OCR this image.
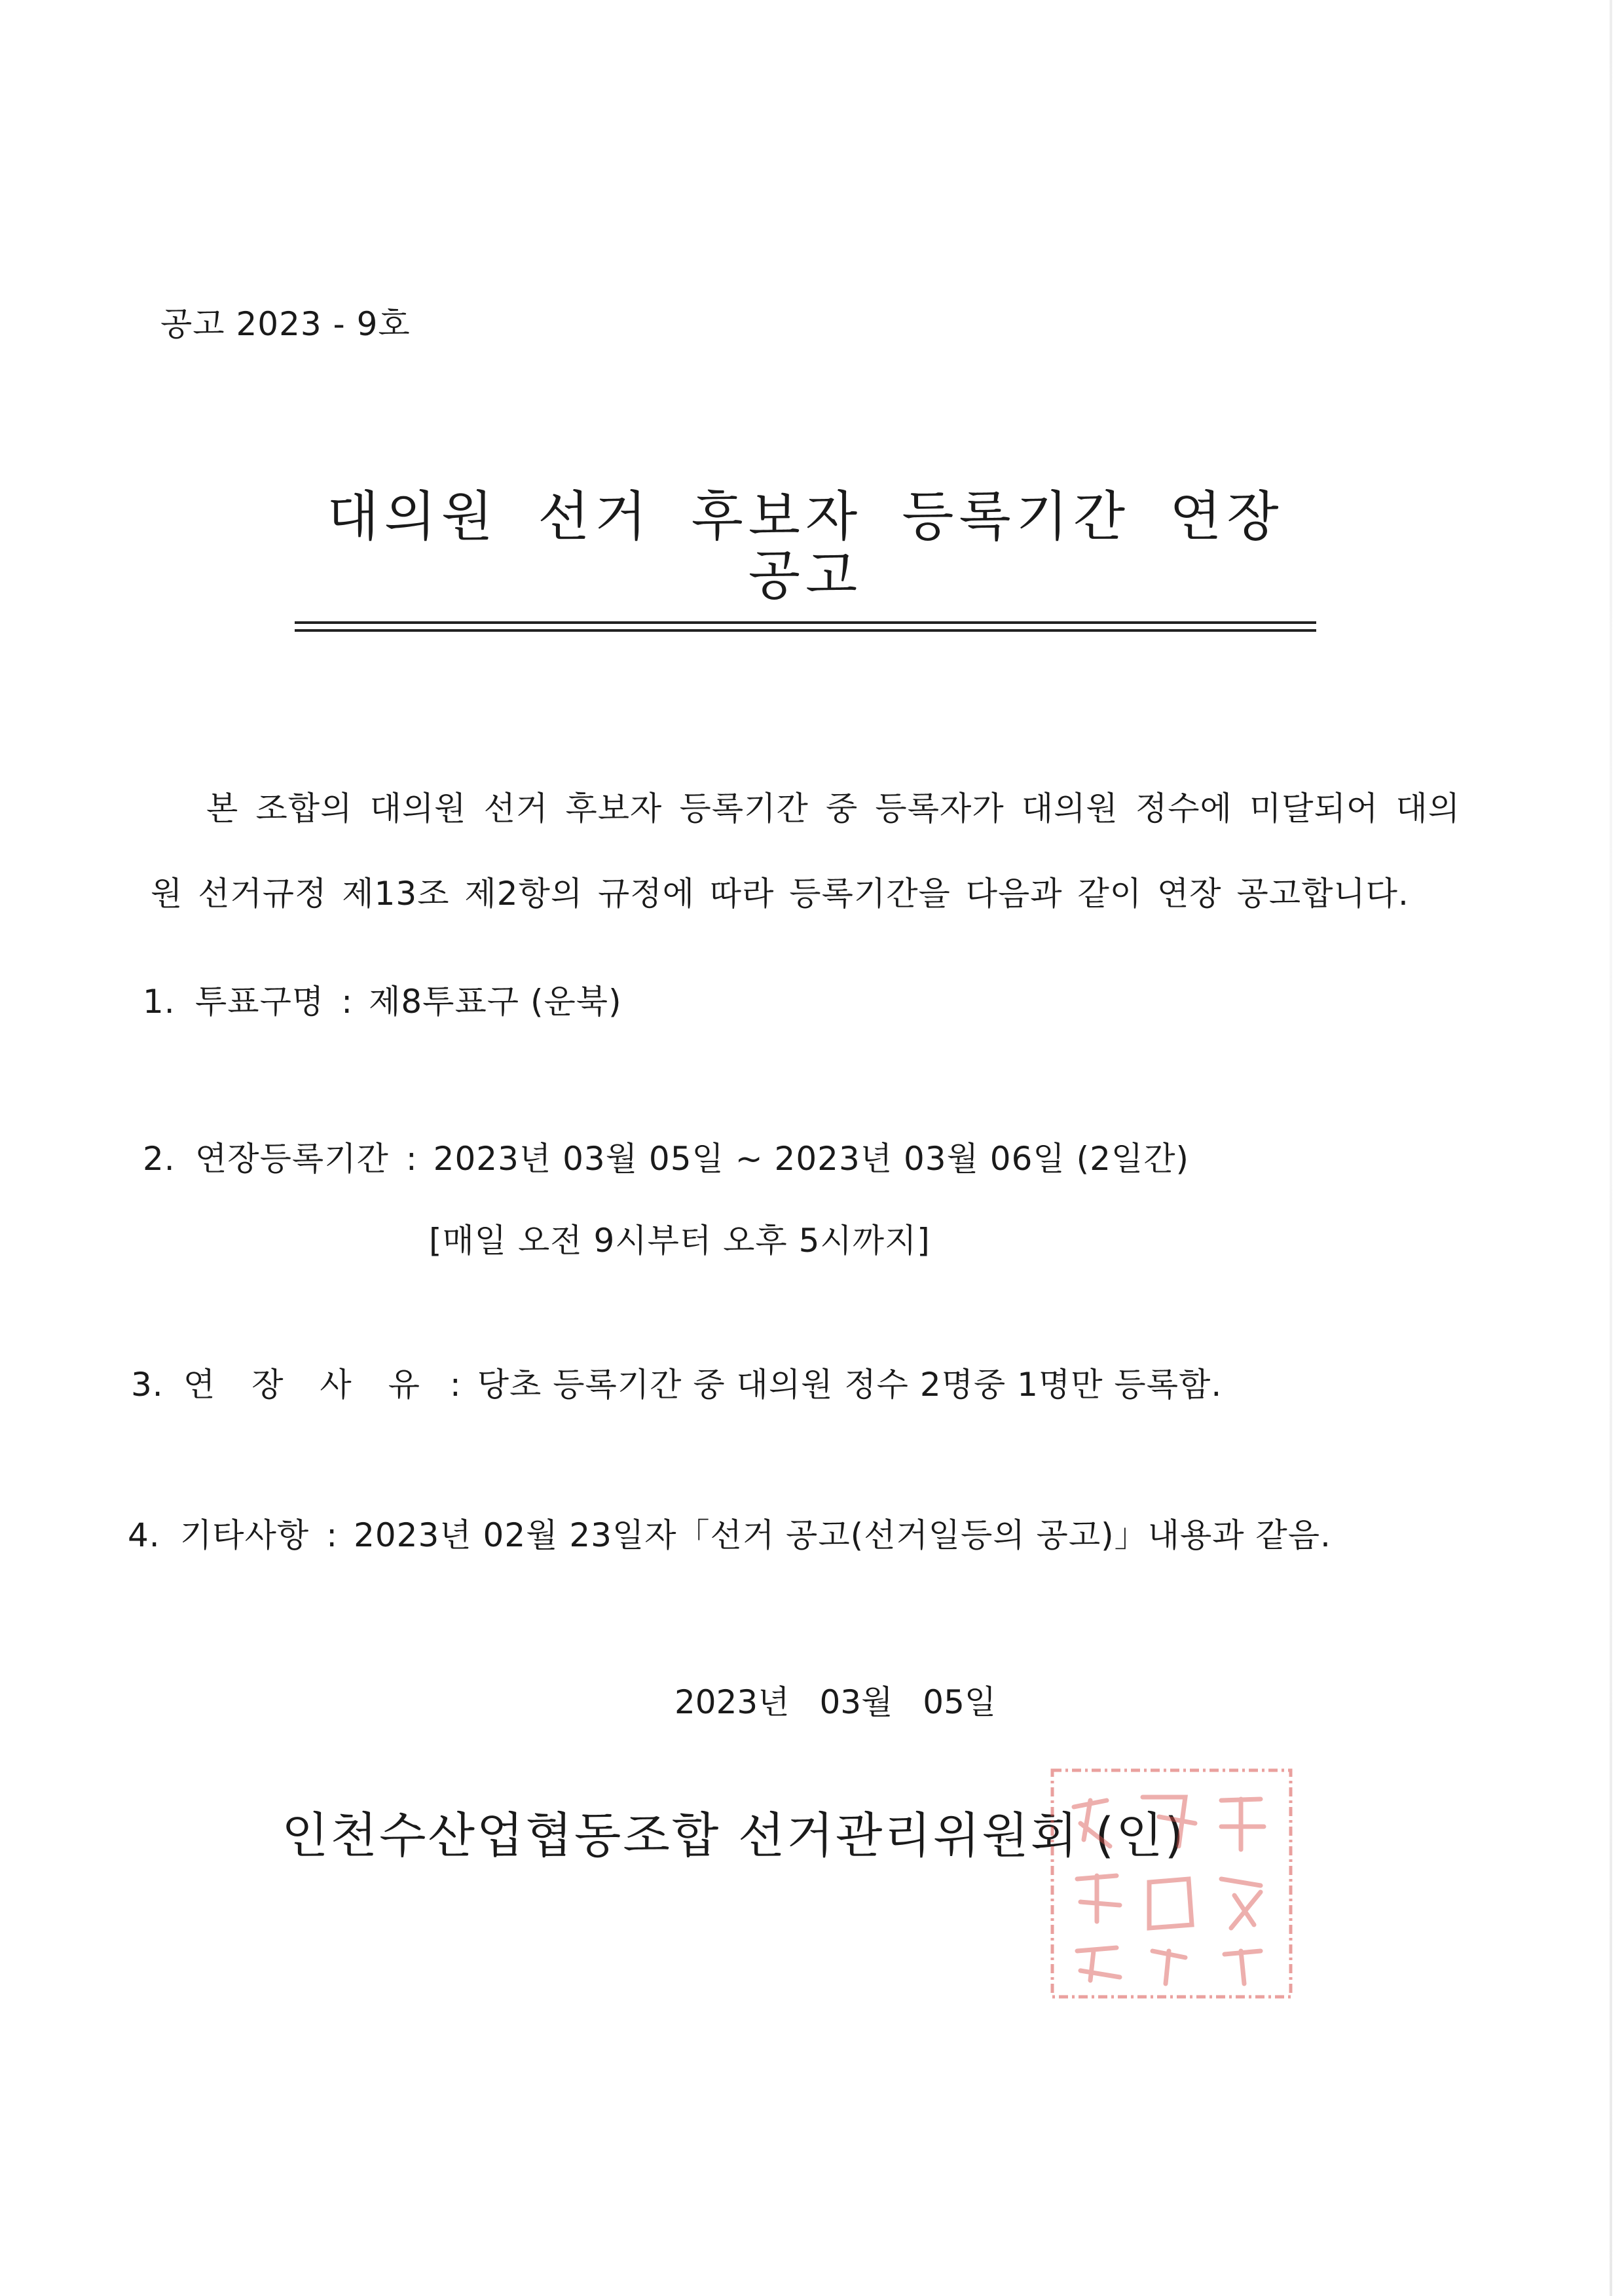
공고 2023 - 9호
대의원 선거 후보자 등록기간 연장 공고
본 조합의 대의원 선거 후보자 등록기간 중 등록자가 대의원 정수에 미달되어 대의원 선거규정 제13조 제2항의 규정에 따라 등록기간을 다음과 같이 연장 공고합니다.
1. 투표구명 : 제8투표구 (운북)
2. 연장등록기간 : 2023년 03월 05일 ~ 2023년 03월 06일 (2일간)
[매일 오전 9시부터 오후 5시까지]
3. 연 장 사 유 : 당초 등록기간 중 대의원 정수 2명중 1명만 등록함.
4. 기타사항 : 2023년 02월 23일자「선거 공고(선거일등의 공고)」내용과 같음.
2023년 03월 05일
인천수산업협동조합 선거관리위원회 (인)
